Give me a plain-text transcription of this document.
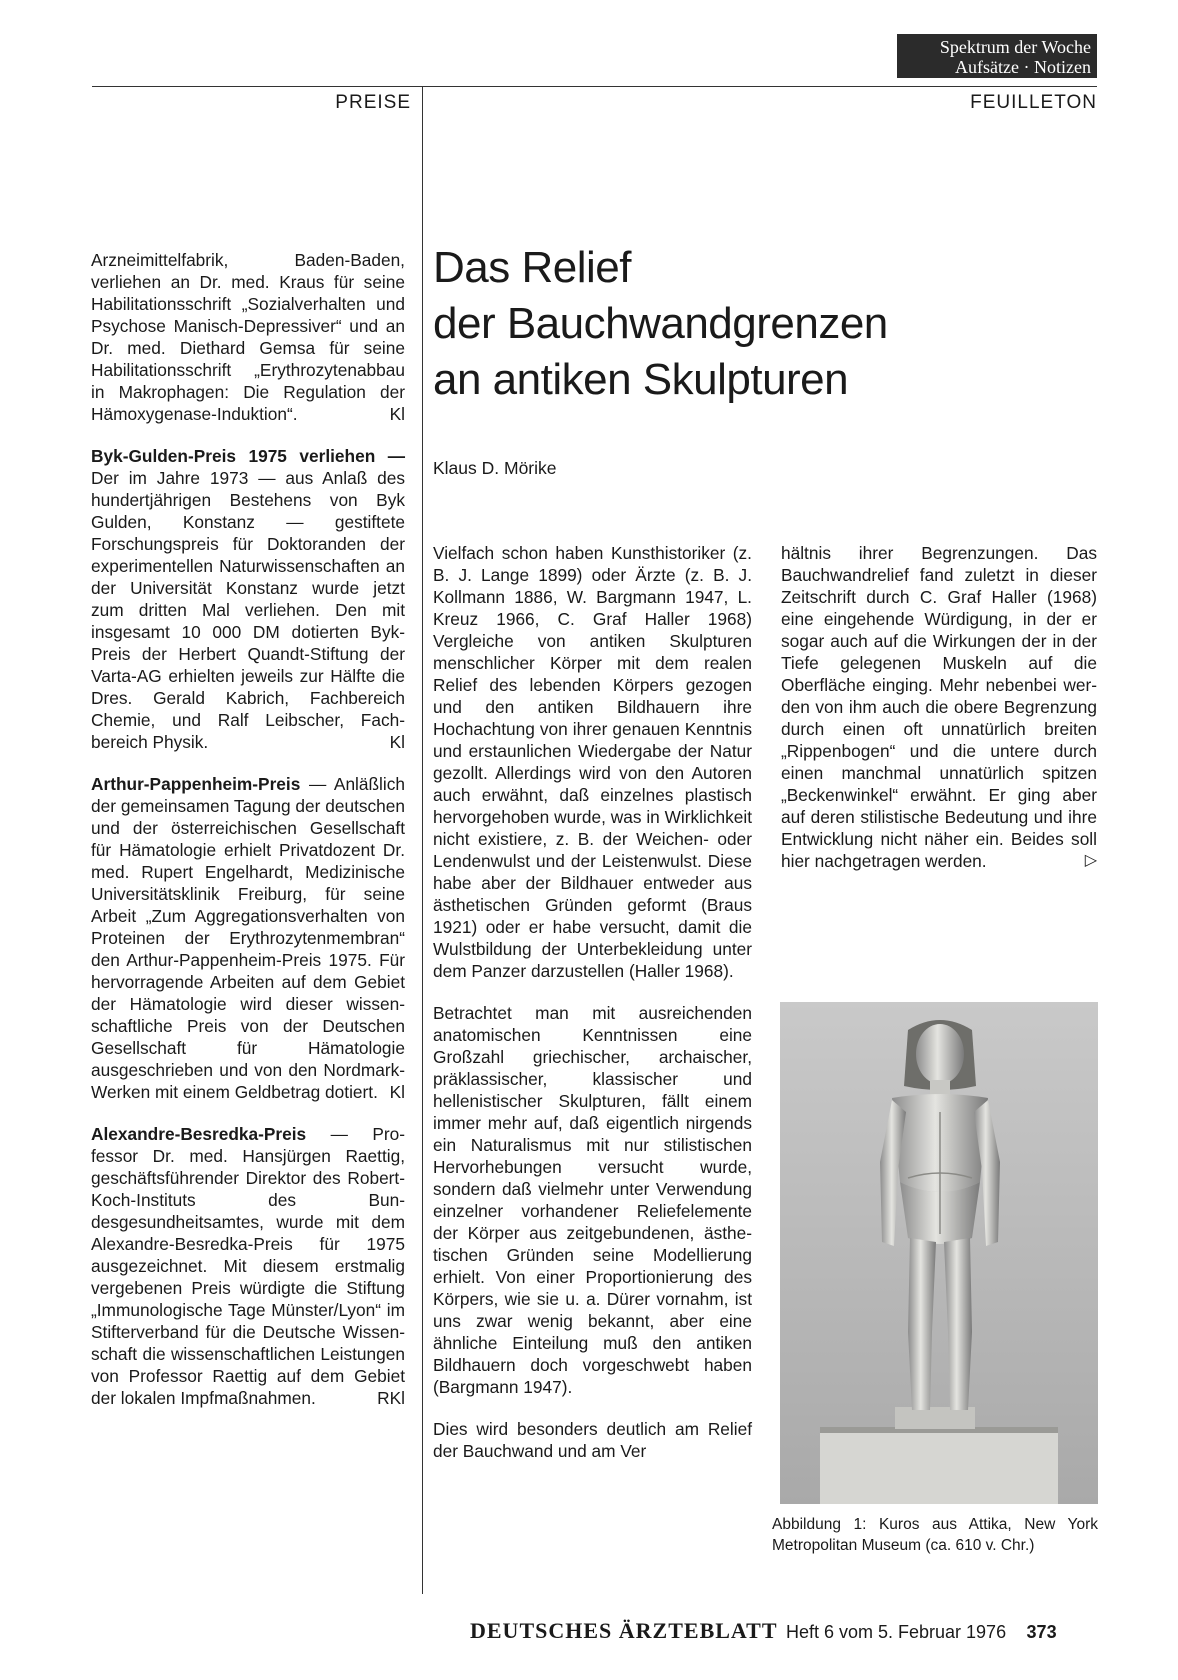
Spektrum der Woche
Aufsätze · Notizen
PREISE	FEUILLETON

Arzneimittelfabrik, Baden-Baden, verliehen an Dr. med. Kraus für seine Habilitationsschrift „Sozialverhalten und Psychose Manisch-Depressiver“ und an Dr. med. Diethard Gemsa für seine Habilitationsschrift „Erythrozytenabbau in Makrophagen: Die Regulation der Hämoxygenase-Induktion“.	Kl

Byk-Gulden-Preis 1975 verliehen — Der im Jahre 1973 — aus Anlaß des hundertjährigen Bestehens von Byk Gulden, Konstanz — gestiftete Forschungspreis für Doktoranden der experimentellen Naturwissenschaften an der Universität Konstanz wurde jetzt zum dritten Mal verliehen. Den mit insgesamt 10 000 DM dotierten Byk-Preis der Herbert Quandt-Stiftung der Varta-AG erhielten jeweils zur Hälfte die Dres. Gerald Kabrich, Fachbereich Chemie, und Ralf Leibscher, Fachbereich Physik.	Kl

Arthur-Pappenheim-Preis — Anläßlich der gemeinsamen Tagung der deutschen und der österreichischen Gesellschaft für Hämatologie erhielt Privatdozent Dr. med. Rupert Engelhardt, Medizinische Universitätsklinik Freiburg, für seine Arbeit „Zum Aggregationsverhalten von Proteinen der Erythrozytenmembran“ den Arthur-Pappenheim-Preis 1975. Für hervorragende Arbeiten auf dem Gebiet der Hämatologie wird dieser wissenschaftliche Preis von der Deutschen Gesellschaft für Hämatologie ausgeschrieben und von den Nordmark-Werken mit einem Geldbetrag dotiert. Kl

Alexandre-Besredka-Preis — Professor Dr. med. Hansjürgen Raettig, geschäftsführender Direktor des Robert-Koch-Instituts des Bundesgesundheitsamtes, wurde mit dem Alexandre-Besredka-Preis für 1975 ausgezeichnet. Mit diesem erstmalig vergebenen Preis würdigte die Stiftung „Immunologische Tage Münster/Lyon“ im Stifterverband für die Deutsche Wissenschaft die wissenschaftlichen Leistungen von Professor Raettig auf dem Gebiet der lokalen Impfmaßnahmen.	RKl

Das Relief
der Bauchwandgrenzen
an antiken Skulpturen
Klaus D. Mörike

Vielfach schon haben Kunsthistoriker (z. B. J. Lange 1899) oder Ärzte (z. B. J. Kollmann 1886, W. Bargmann 1947, L. Kreuz 1966, C. Graf Haller 1968) Vergleiche von antiken Skulpturen menschlicher Körper mit dem realen Relief des lebenden Körpers gezogen und den antiken Bildhauern ihre Hochachtung von ihrer genauen Kenntnis und erstaunlichen Wiedergabe der Natur gezollt. Allerdings wird von den Autoren auch erwähnt, daß einzelnes plastisch hervorgehoben wurde, was in Wirklichkeit nicht existiere, z. B. der Weichen- oder Lendenwulst und der Leistenwulst. Diese habe aber der Bildhauer entweder aus ästhetischen Gründen geformt (Braus 1921) oder er habe versucht, damit die Wulstbildung der Unterbekleidung unter dem Panzer darzustellen (Haller 1968).

Betrachtet man mit ausreichenden anatomischen Kenntnissen eine Großzahl griechischer, archaischer, präklassischer, klassischer und hellenistischer Skulpturen, fällt einem immer mehr auf, daß eigentlich nirgends ein Naturalismus mit nur stilistischen Hervorhebungen versucht wurde, sondern daß vielmehr unter Verwendung einzelner vorhandener Reliefelemente der Körper aus zeitgebundenen, ästhetischen Gründen seine Modellierung erhielt. Von einer Proportionierung des Körpers, wie sie u. a. Dürer vornahm, ist uns zwar wenig bekannt, aber eine ähnliche Einteilung muß den antiken Bildhauern doch vorgeschwebt haben (Bargmann 1947).

Dies wird besonders deutlich am Relief der Bauchwand und am Ver

hältnis ihrer Begrenzungen. Das Bauchwandrelief fand zuletzt in dieser Zeitschrift durch C. Graf Haller (1968) eine eingehende Würdigung, in der er sogar auch auf die Wirkungen der in der Tiefe gelegenen Muskeln auf die Oberfläche einging. Mehr nebenbei werden von ihm auch die obere Begrenzung durch einen oft unnatürlich breiten „Rippenbogen“ und die untere durch einen manchmal unnatürlich spitzen „Beckenwinkel“ erwähnt. Er ging aber auf deren stilistische Bedeutung und ihre Entwicklung nicht näher ein. Beides soll hier nachgetragen werden.	▷

Abbildung 1: Kuros aus Attika, New York Metropolitan Museum (ca. 610 v. Chr.)
DEUTSCHES ÄRZTEBLATT Heft 6 vom 5. Februar 1976 373
